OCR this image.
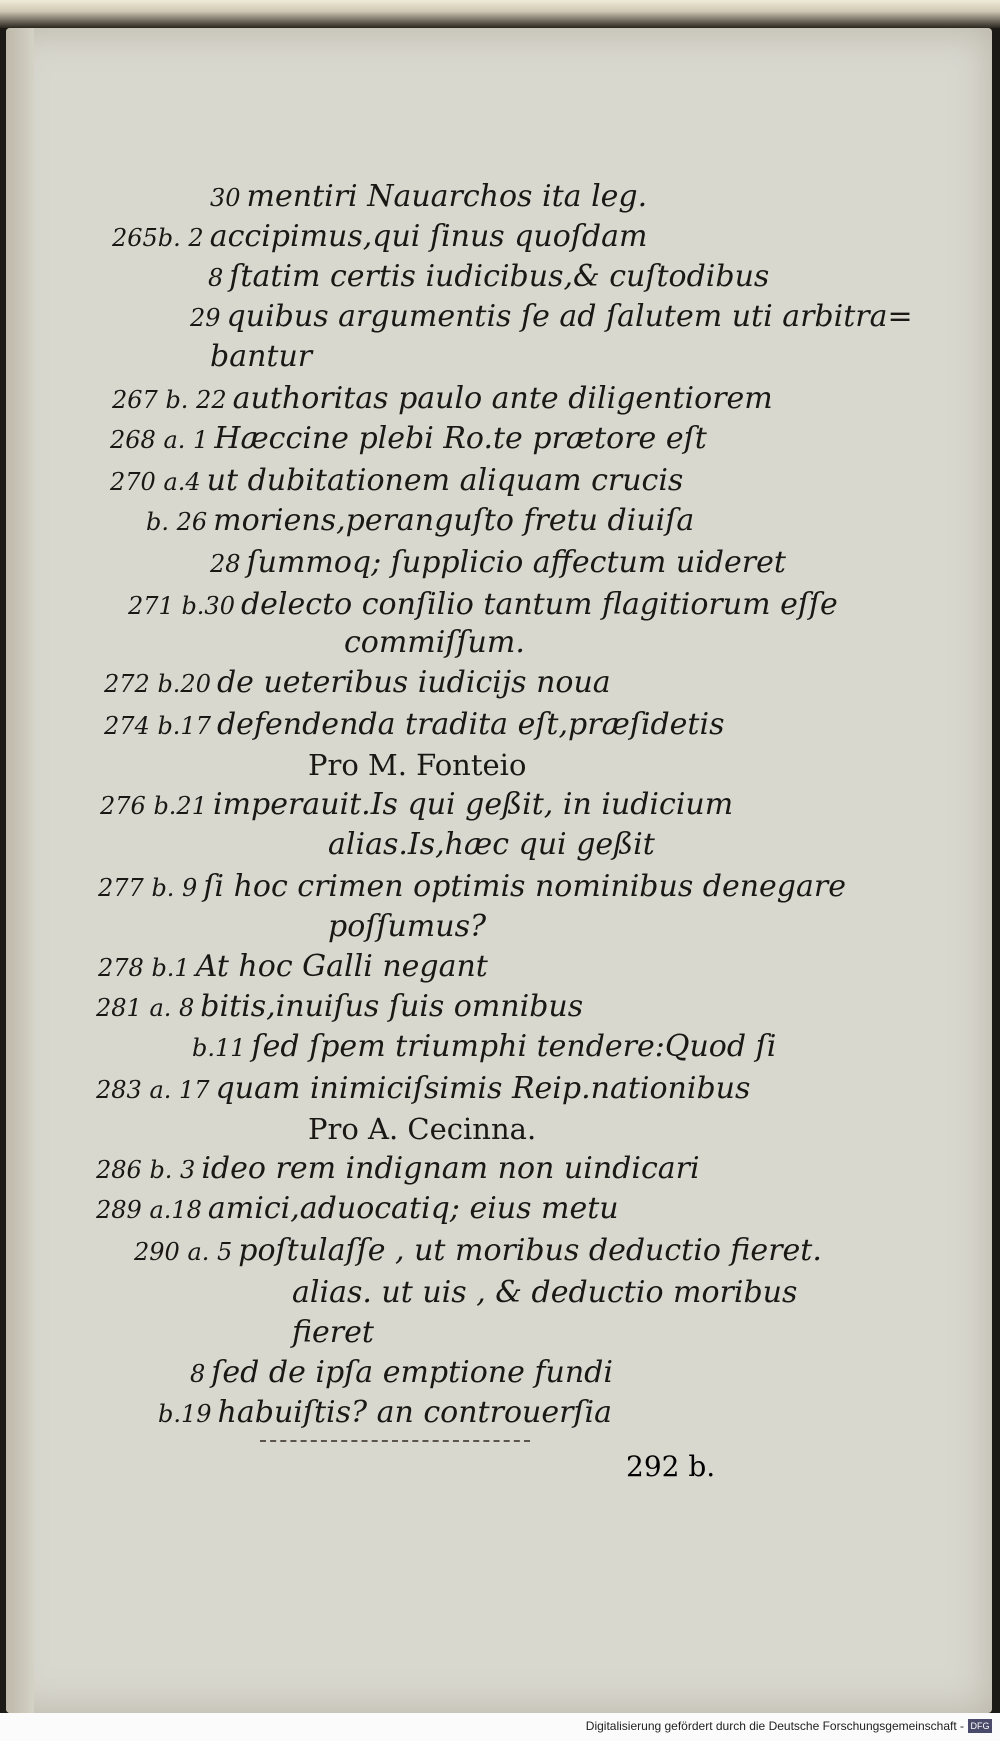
30 mentiri Nauarchos ita leg.
265b. 2 accipimus,qui ſinus quoſdam
8 ſtatim certis iudicibus,& cuſtodibus
29 quibus argumentis ſe ad ſalutem uti arbitra=
bantur
267 b. 22 authoritas paulo ante diligentiorem
268 a. 1 Hæccine plebi Ro.te prætore eſt
270 a.4 ut dubitationem aliquam crucis
b. 26 moriens,peranguſto fretu diuiſa
28 ſummoq; ſupplicio affectum uideret
271 b.30 delecto conſilio tantum flagitiorum eſſe
commiſſum.
272 b.20 de ueteribus iudicijs noua
274 b.17 defendenda tradita eſt,præſidetis
Pro M. Fonteio
276 b.21 imperauit.Is qui geßit, in iudicium
alias.Is,hæc qui geßit
277 b. 9 ſi hoc crimen optimis nominibus denegare
poſſumus?
278 b.1 At hoc Galli negant
281 a. 8 bitis,inuiſus ſuis omnibus
b.11 ſed ſpem triumphi tendere:Quod ſi
283 a. 17 quam inimiciſsimis Reip.nationibus
Pro A. Cecinna.
286 b. 3 ideo rem indignam non uindicari
289 a.18 amici,aduocatiq; eius metu
290 a. 5 poſtulaſſe , ut moribus deductio fieret.
alias. ut uis , & deductio moribus
fieret
8 ſed de ipſa emptione fundi
b.19 habuiſtis? an controuerſia
292 b.
Digitalisierung gefördert durch die Deutsche Forschungsgemeinschaft - DFG
